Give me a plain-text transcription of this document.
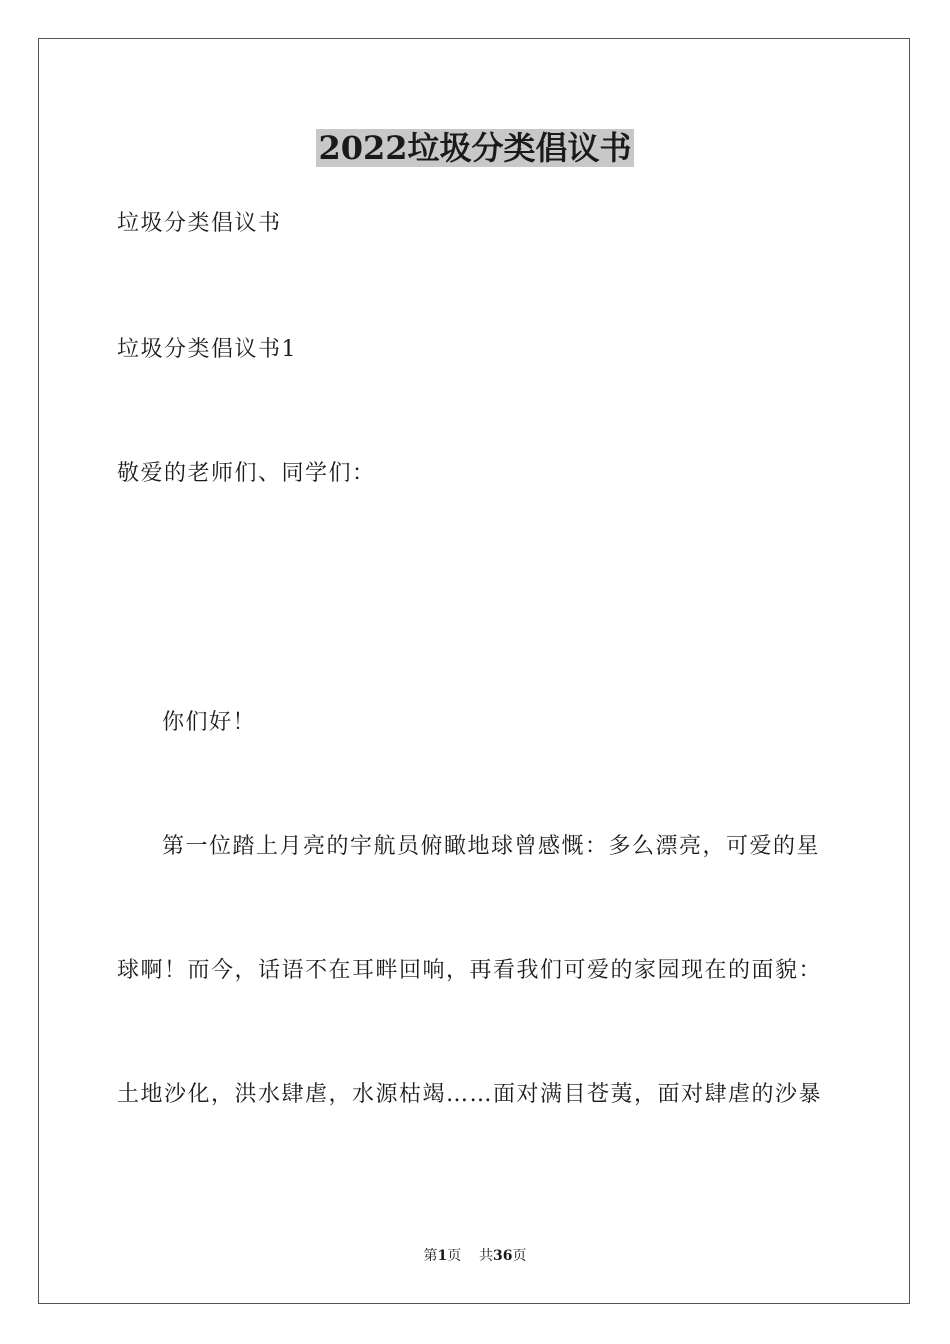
2022垃圾分类倡议书
垃圾分类倡议书
垃圾分类倡议书1
敬爱的老师们、同学们：
你们好！
第一位踏上月亮的宇航员俯瞰地球曾感慨：多么漂亮，可爱的星
球啊！而今，话语不在耳畔回响，再看我们可爱的家园现在的面貌：
土地沙化，洪水肆虐，水源枯竭……面对满目苍荑，面对肆虐的沙暴
第1页 共36页
